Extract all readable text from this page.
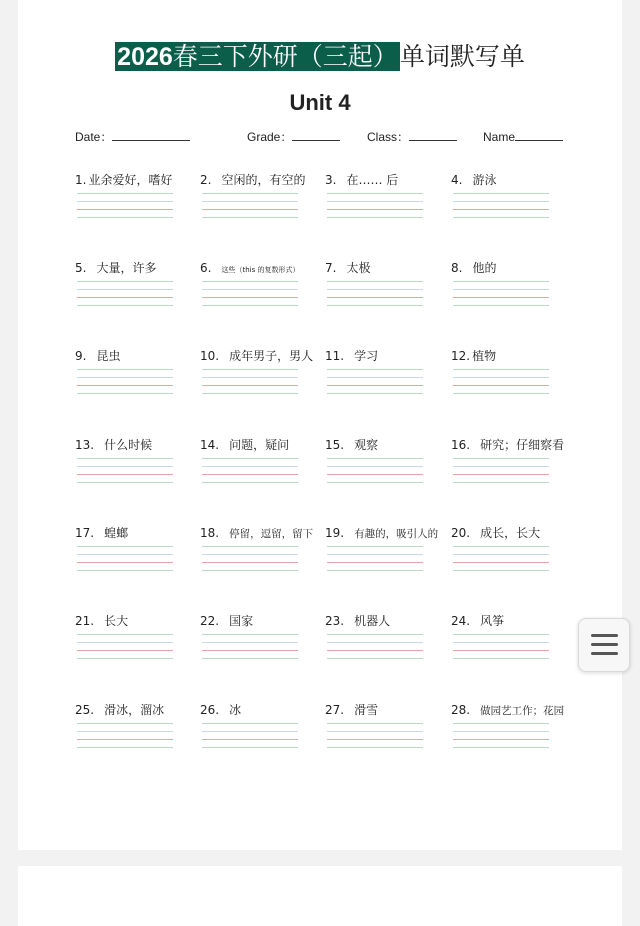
2026春三下外研（三起）单词默写单
Unit 4
Date：	Grade：	Class：	Name
1. 业余爱好，嗜好 2. 空闲的，有空的 3. 在…… 后	4. 游泳
5. 大量，许多	6. 这些（this 的复数形式） 7. 太极	8. 他的
9. 昆虫	10. 成年男子，男人 11. 学习	12. 植物
13. 什么时候	14. 问题，疑问	15. 观察	16. 研究；仔细察看
17. 蝗螂	18. 停留，逗留，留下 19. 有趣的，吸引人的 20. 成长，长大
21. 长大	22. 国家	23. 机器人	24. 风筝
25. 滑冰，溜冰	26. 冰	27. 滑雪	28. 做园艺工作；花园
